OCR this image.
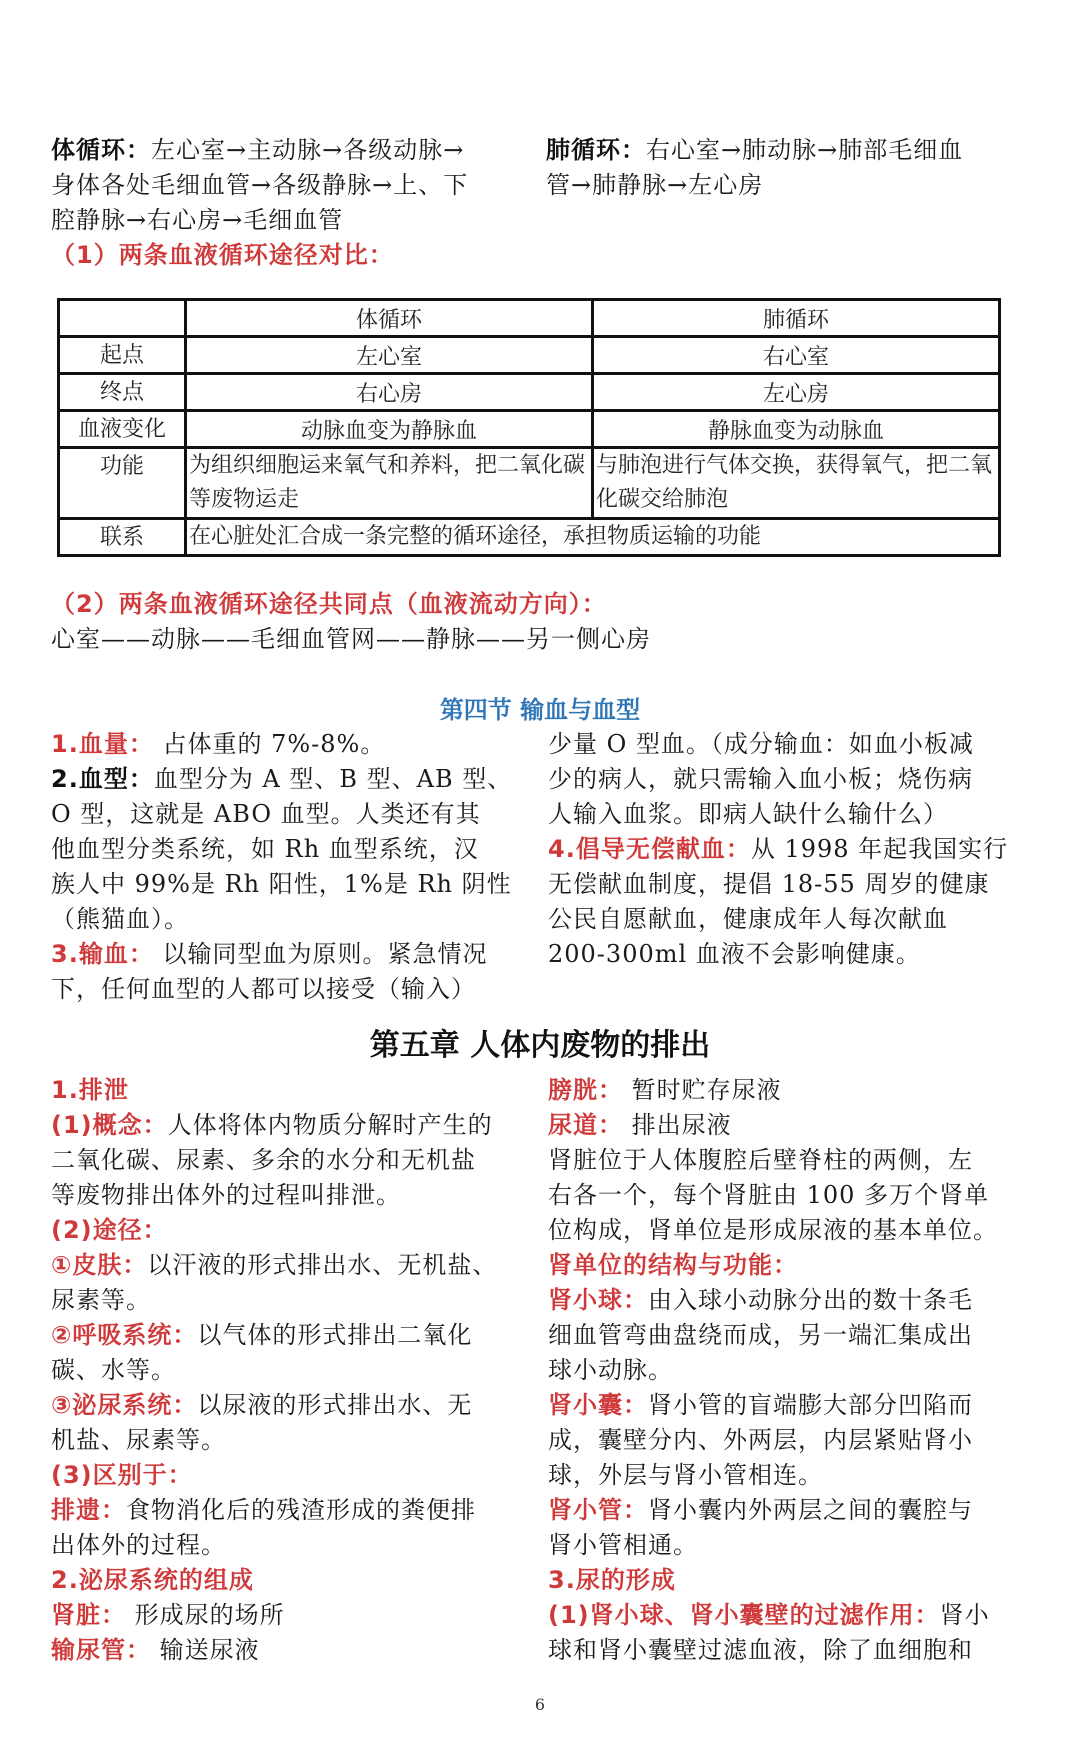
体循环：左心室→主动脉→各级动脉→
身体各处毛细血管→各级静脉→上、下
腔静脉→右心房→毛细血管
（1）两条血液循环途径对比：
肺循环：右心室→肺动脉→肺部毛细血
管→肺静脉→左心房
	体循环	肺循环
起点	左心室	右心室
终点	右心房	左心房
血液变化	动脉血变为静脉血	静脉血变为动脉血
功能	为组织细胞运来氧气和养料，把二氧化碳等废物运走	与肺泡进行气体交换，获得氧气，把二氧化碳交给肺泡
联系	在心脏处汇合成一条完整的循环途径，承担物质运输的功能	
（2）两条血液循环途径共同点（血液流动方向）：
心室——动脉——毛细血管网——静脉——另一侧心房
第四节 输血与血型
1.血量： 占体重的 7%-8%。
2.血型：血型分为 A 型、B 型、AB 型、
O 型，这就是 ABO 血型。人类还有其
他血型分类系统，如 Rh 血型系统，汉
族人中 99%是 Rh 阳性，1%是 Rh 阴性
（熊猫血）。
3.输血： 以输同型血为原则。紧急情况
下，任何血型的人都可以接受（输入）
少量 O 型血。（成分输血：如血小板减
少的病人，就只需输入血小板；烧伤病
人输入血浆。即病人缺什么输什么）
4.倡导无偿献血：从 1998 年起我国实行
无偿献血制度，提倡 18-55 周岁的健康
公民自愿献血，健康成年人每次献血
200-300ml 血液不会影响健康。
第五章 人体内废物的排出
1.排泄
(1)概念：人体将体内物质分解时产生的
二氧化碳、尿素、多余的水分和无机盐
等废物排出体外的过程叫排泄。
(2)途径：
①皮肤：以汗液的形式排出水、无机盐、
尿素等。
②呼吸系统：以气体的形式排出二氧化
碳、水等。
③泌尿系统：以尿液的形式排出水、无
机盐、尿素等。
(3)区别于：
排遗：食物消化后的残渣形成的粪便排
出体外的过程。
2.泌尿系统的组成
肾脏： 形成尿的场所
输尿管： 输送尿液
膀胱： 暂时贮存尿液
尿道： 排出尿液
肾脏位于人体腹腔后壁脊柱的两侧，左
右各一个，每个肾脏由 100 多万个肾单
位构成，肾单位是形成尿液的基本单位。
肾单位的结构与功能：
肾小球：由入球小动脉分出的数十条毛
细血管弯曲盘绕而成，另一端汇集成出
球小动脉。
肾小囊：肾小管的盲端膨大部分凹陷而
成，囊壁分内、外两层，内层紧贴肾小
球，外层与肾小管相连。
肾小管：肾小囊内外两层之间的囊腔与
肾小管相通。
3.尿的形成
(1)肾小球、肾小囊壁的过滤作用：肾小
球和肾小囊壁过滤血液，除了血细胞和
6
